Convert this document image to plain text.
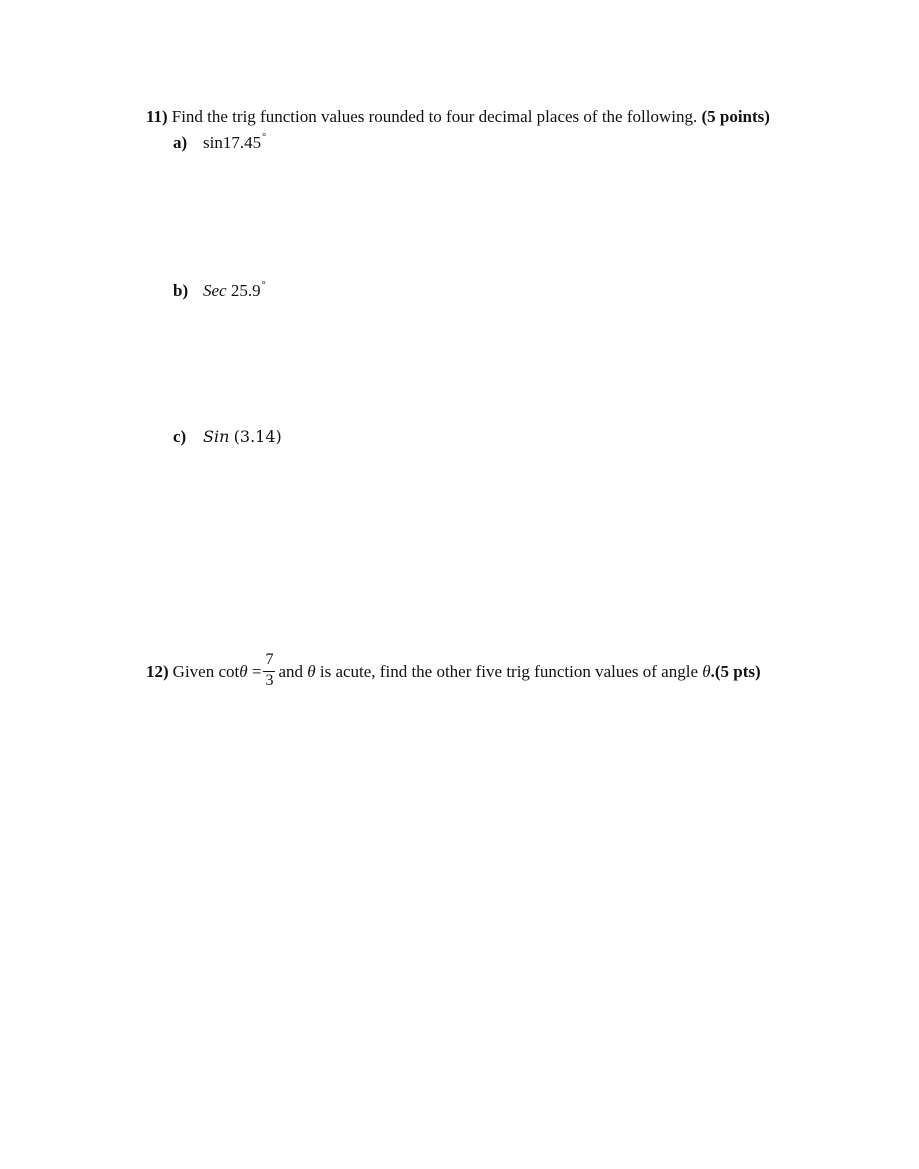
11) Find the trig function values rounded to four decimal places of the following. (5 points)
a) sin17.45°
b) Sec 25.9°
c) Sin (3.14)
12) Given $\cot\theta = \frac{7}{3}$ and θ is acute, find the other five trig function values of angle θ.(5 pts)
